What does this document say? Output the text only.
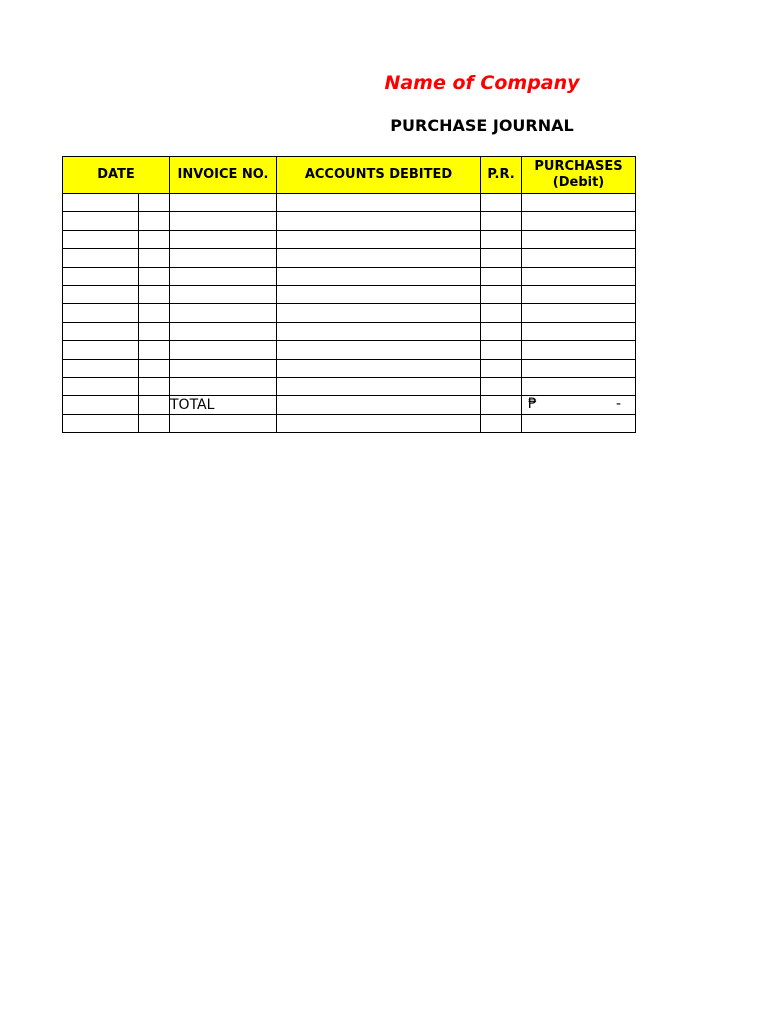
Name of Company
PURCHASE JOURNAL
DATE		INVOICE NO.	ACCOUNTS DEBITED	P.R.	PURCHASES
(Debit)

		TOTAL			₱ -
